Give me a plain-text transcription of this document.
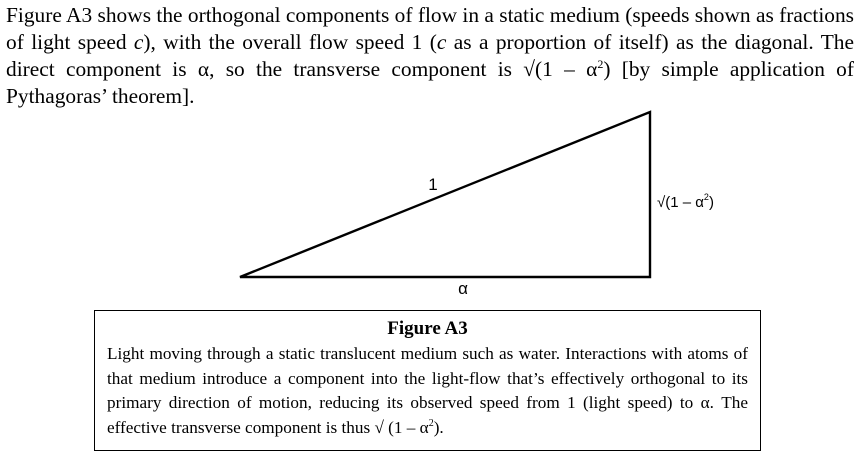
Figure A3 shows the orthogonal components of flow in a static medium (speeds shown as fractions of light speed c), with the overall flow speed 1 (c as a proportion of itself) as the diagonal. The direct component is α, so the transverse component is $√(1 - \alpha^2)$ [by simple application of Pythagoras’ theorem].

1
α
$√(1 - \alpha^2)$
Figure A3

Light moving through a static translucent medium such as water. Interactions with atoms of that medium introduce a component into the light-flow that’s effectively orthogonal to its primary direction of motion, reducing its observed speed from 1 (light speed) to α. The effective transverse component is thus √ $(1 - \alpha^2)$.
